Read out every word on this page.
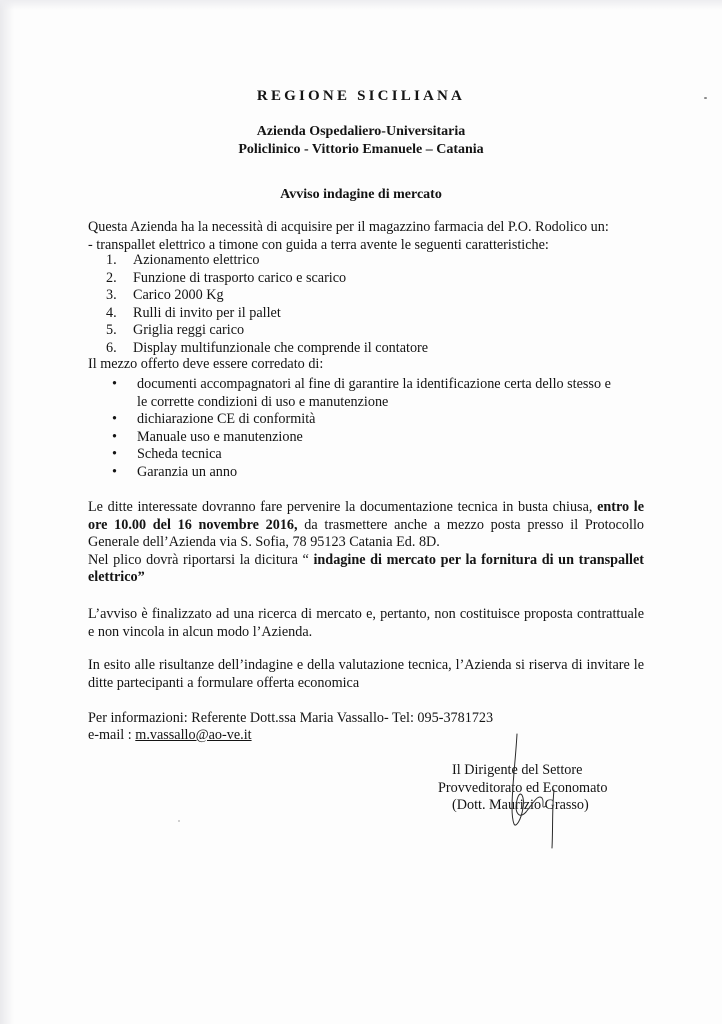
REGIONE SICILIANA
Azienda Ospedaliero-Universitaria
Policlinico - Vittorio Emanuele – Catania
Avviso indagine di mercato
Questa Azienda ha la necessità di acquisire per il magazzino farmacia del P.O. Rodolico un:
- transpallet elettrico a timone con guida a terra avente le seguenti caratteristiche:
1. Azionamento elettrico
2. Funzione di trasporto carico e scarico
3. Carico 2000 Kg
4. Rulli di invito per il pallet
5. Griglia reggi carico
6. Display multifunzionale che comprende il contatore
Il mezzo offerto deve essere corredato di:
• documenti accompagnatori al fine di garantire la identificazione certa dello stesso e
le corrette condizioni di uso e manutenzione
• dichiarazione CE di conformità
• Manuale uso e manutenzione
• Scheda tecnica
• Garanzia un anno
Le ditte interessate dovranno fare pervenire la documentazione tecnica in busta chiusa, entro le ore 10.00 del 16 novembre 2016, da trasmettere anche a mezzo posta presso il Protocollo Generale dell’Azienda via S. Sofia, 78 95123 Catania Ed. 8D.
Nel plico dovrà riportarsi la dicitura “ indagine di mercato per la fornitura di un transpallet elettrico”
L’avviso è finalizzato ad una ricerca di mercato e, pertanto, non costituisce proposta contrattuale e non vincola in alcun modo l’Azienda.
In esito alle risultanze dell’indagine e della valutazione tecnica, l’Azienda si riserva di invitare le ditte partecipanti a formulare offerta economica
Per informazioni: Referente Dott.ssa Maria Vassallo- Tel: 095-3781723
e-mail : m.vassallo@ao-ve.it
Il Dirigente del Settore
Provveditorato ed Economato
(Dott. Maurizio Grasso)
